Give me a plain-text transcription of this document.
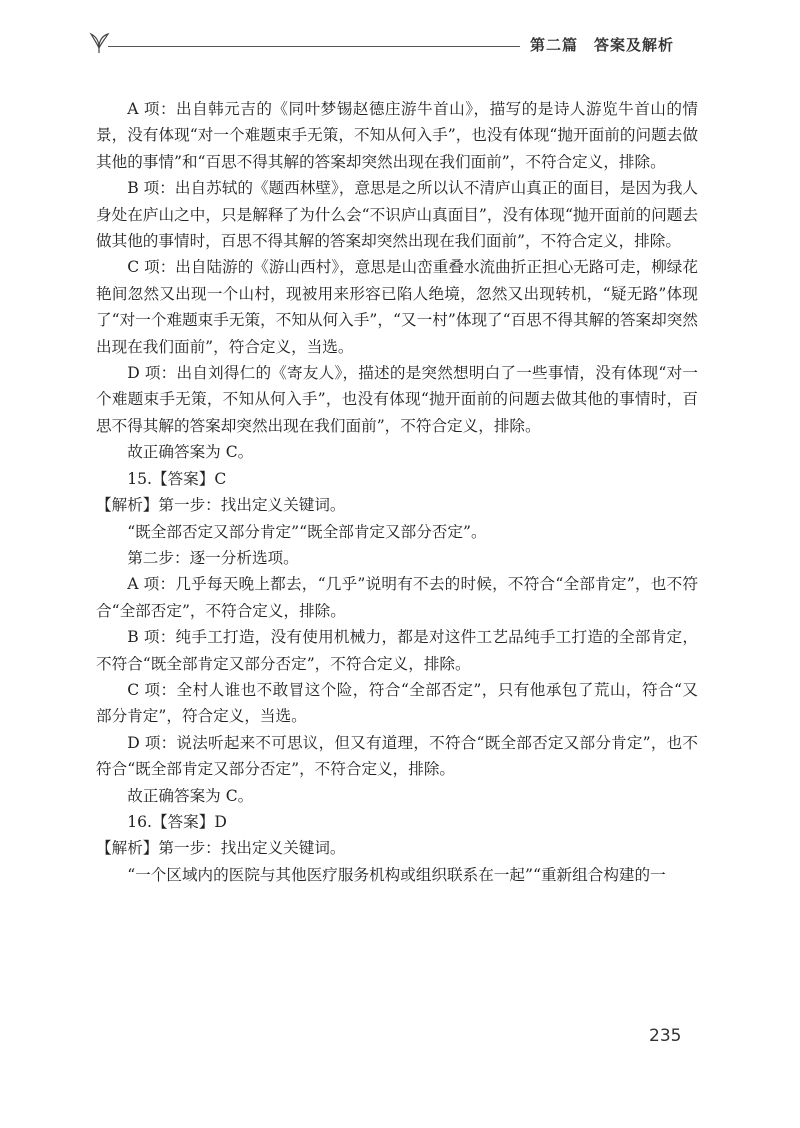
第二篇　答案及解析

A 项：出自韩元吉的《同叶梦锡赵德庄游牛首山》，描写的是诗人游览牛首山的情景，没有体现“对一个难题束手无策，不知从何入手”，也没有体现“抛开面前的问题去做其他的事情”和“百思不得其解的答案却突然出现在我们面前”，不符合定义，排除。

B 项：出自苏轼的《题西林壁》，意思是之所以认不清庐山真正的面目，是因为我人身处在庐山之中，只是解释了为什么会“不识庐山真面目”，没有体现“抛开面前的问题去做其他的事情时，百思不得其解的答案却突然出现在我们面前”，不符合定义，排除。

C 项：出自陆游的《游山西村》，意思是山峦重叠水流曲折正担心无路可走，柳绿花艳间忽然又出现一个山村，现被用来形容已陷人绝境，忽然又出现转机，“疑无路”体现了“对一个难题束手无策，不知从何入手”，“又一村”体现了“百思不得其解的答案却突然出现在我们面前”，符合定义，当选。

D 项：出自刘得仁的《寄友人》，描述的是突然想明白了一些事情，没有体现“对一个难题束手无策，不知从何入手”，也没有体现“抛开面前的问题去做其他的事情时，百思不得其解的答案却突然出现在我们面前”，不符合定义，排除。

故正确答案为 C。

15.【答案】C

【解析】第一步：找出定义关键词。

“既全部否定又部分肯定”“既全部肯定又部分否定”。

第二步：逐一分析选项。

A 项：几乎每天晚上都去，“几乎”说明有不去的时候，不符合“全部肯定”，也不符合“全部否定”，不符合定义，排除。

B 项：纯手工打造，没有使用机械力，都是对这件工艺品纯手工打造的全部肯定，不符合“既全部肯定又部分否定”，不符合定义，排除。

C 项：全村人谁也不敢冒这个险，符合“全部否定”，只有他承包了荒山，符合“又部分肯定”，符合定义，当选。

D 项：说法听起来不可思议，但又有道理，不符合“既全部否定又部分肯定”，也不符合“既全部肯定又部分否定”，不符合定义，排除。

故正确答案为 C。

16.【答案】D

【解析】第一步：找出定义关键词。

“一个区域内的医院与其他医疗服务机构或组织联系在一起”“重新组合构建的一

235
